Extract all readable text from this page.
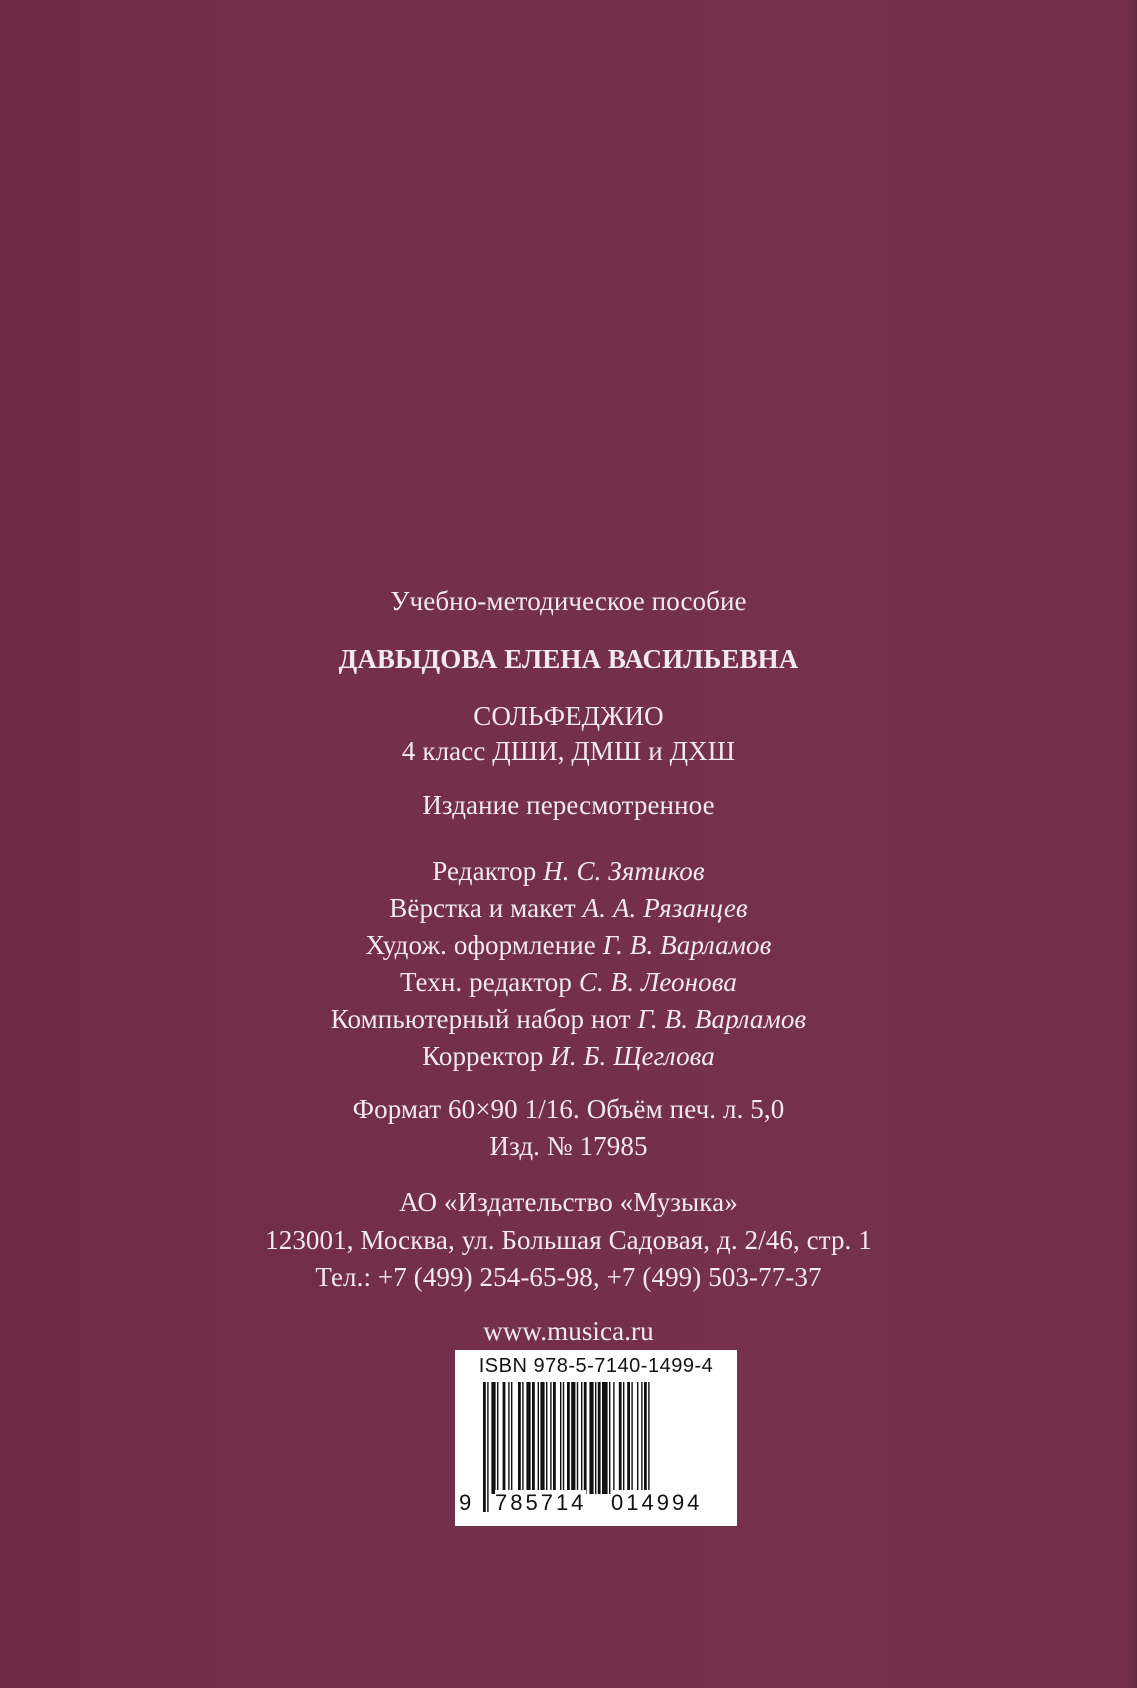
Учебно-методическое пособие
ДАВЫДОВА ЕЛЕНА ВАСИЛЬЕВНА
СОЛЬФЕДЖИО
4 класс ДШИ, ДМШ и ДХШ
Издание пересмотренное
Редактор Н. С. Зятиков
Вёрстка и макет А. А. Рязанцев
Худож. оформление Г. В. Варламов
Техн. редактор С. В. Леонова
Компьютерный набор нот Г. В. Варламов
Корректор И. Б. Щеглова
Формат 60×90 1/16. Объём печ. л. 5,0
Изд. № 17985
АО «Издательство «Музыка»
123001, Москва, ул. Большая Садовая, д. 2/46, стр. 1
Тел.: +7 (499) 254-65-98, +7 (499) 503-77-37
www.musica.ru
ISBN 978-5-7140-1499-4
9 785714 014994
